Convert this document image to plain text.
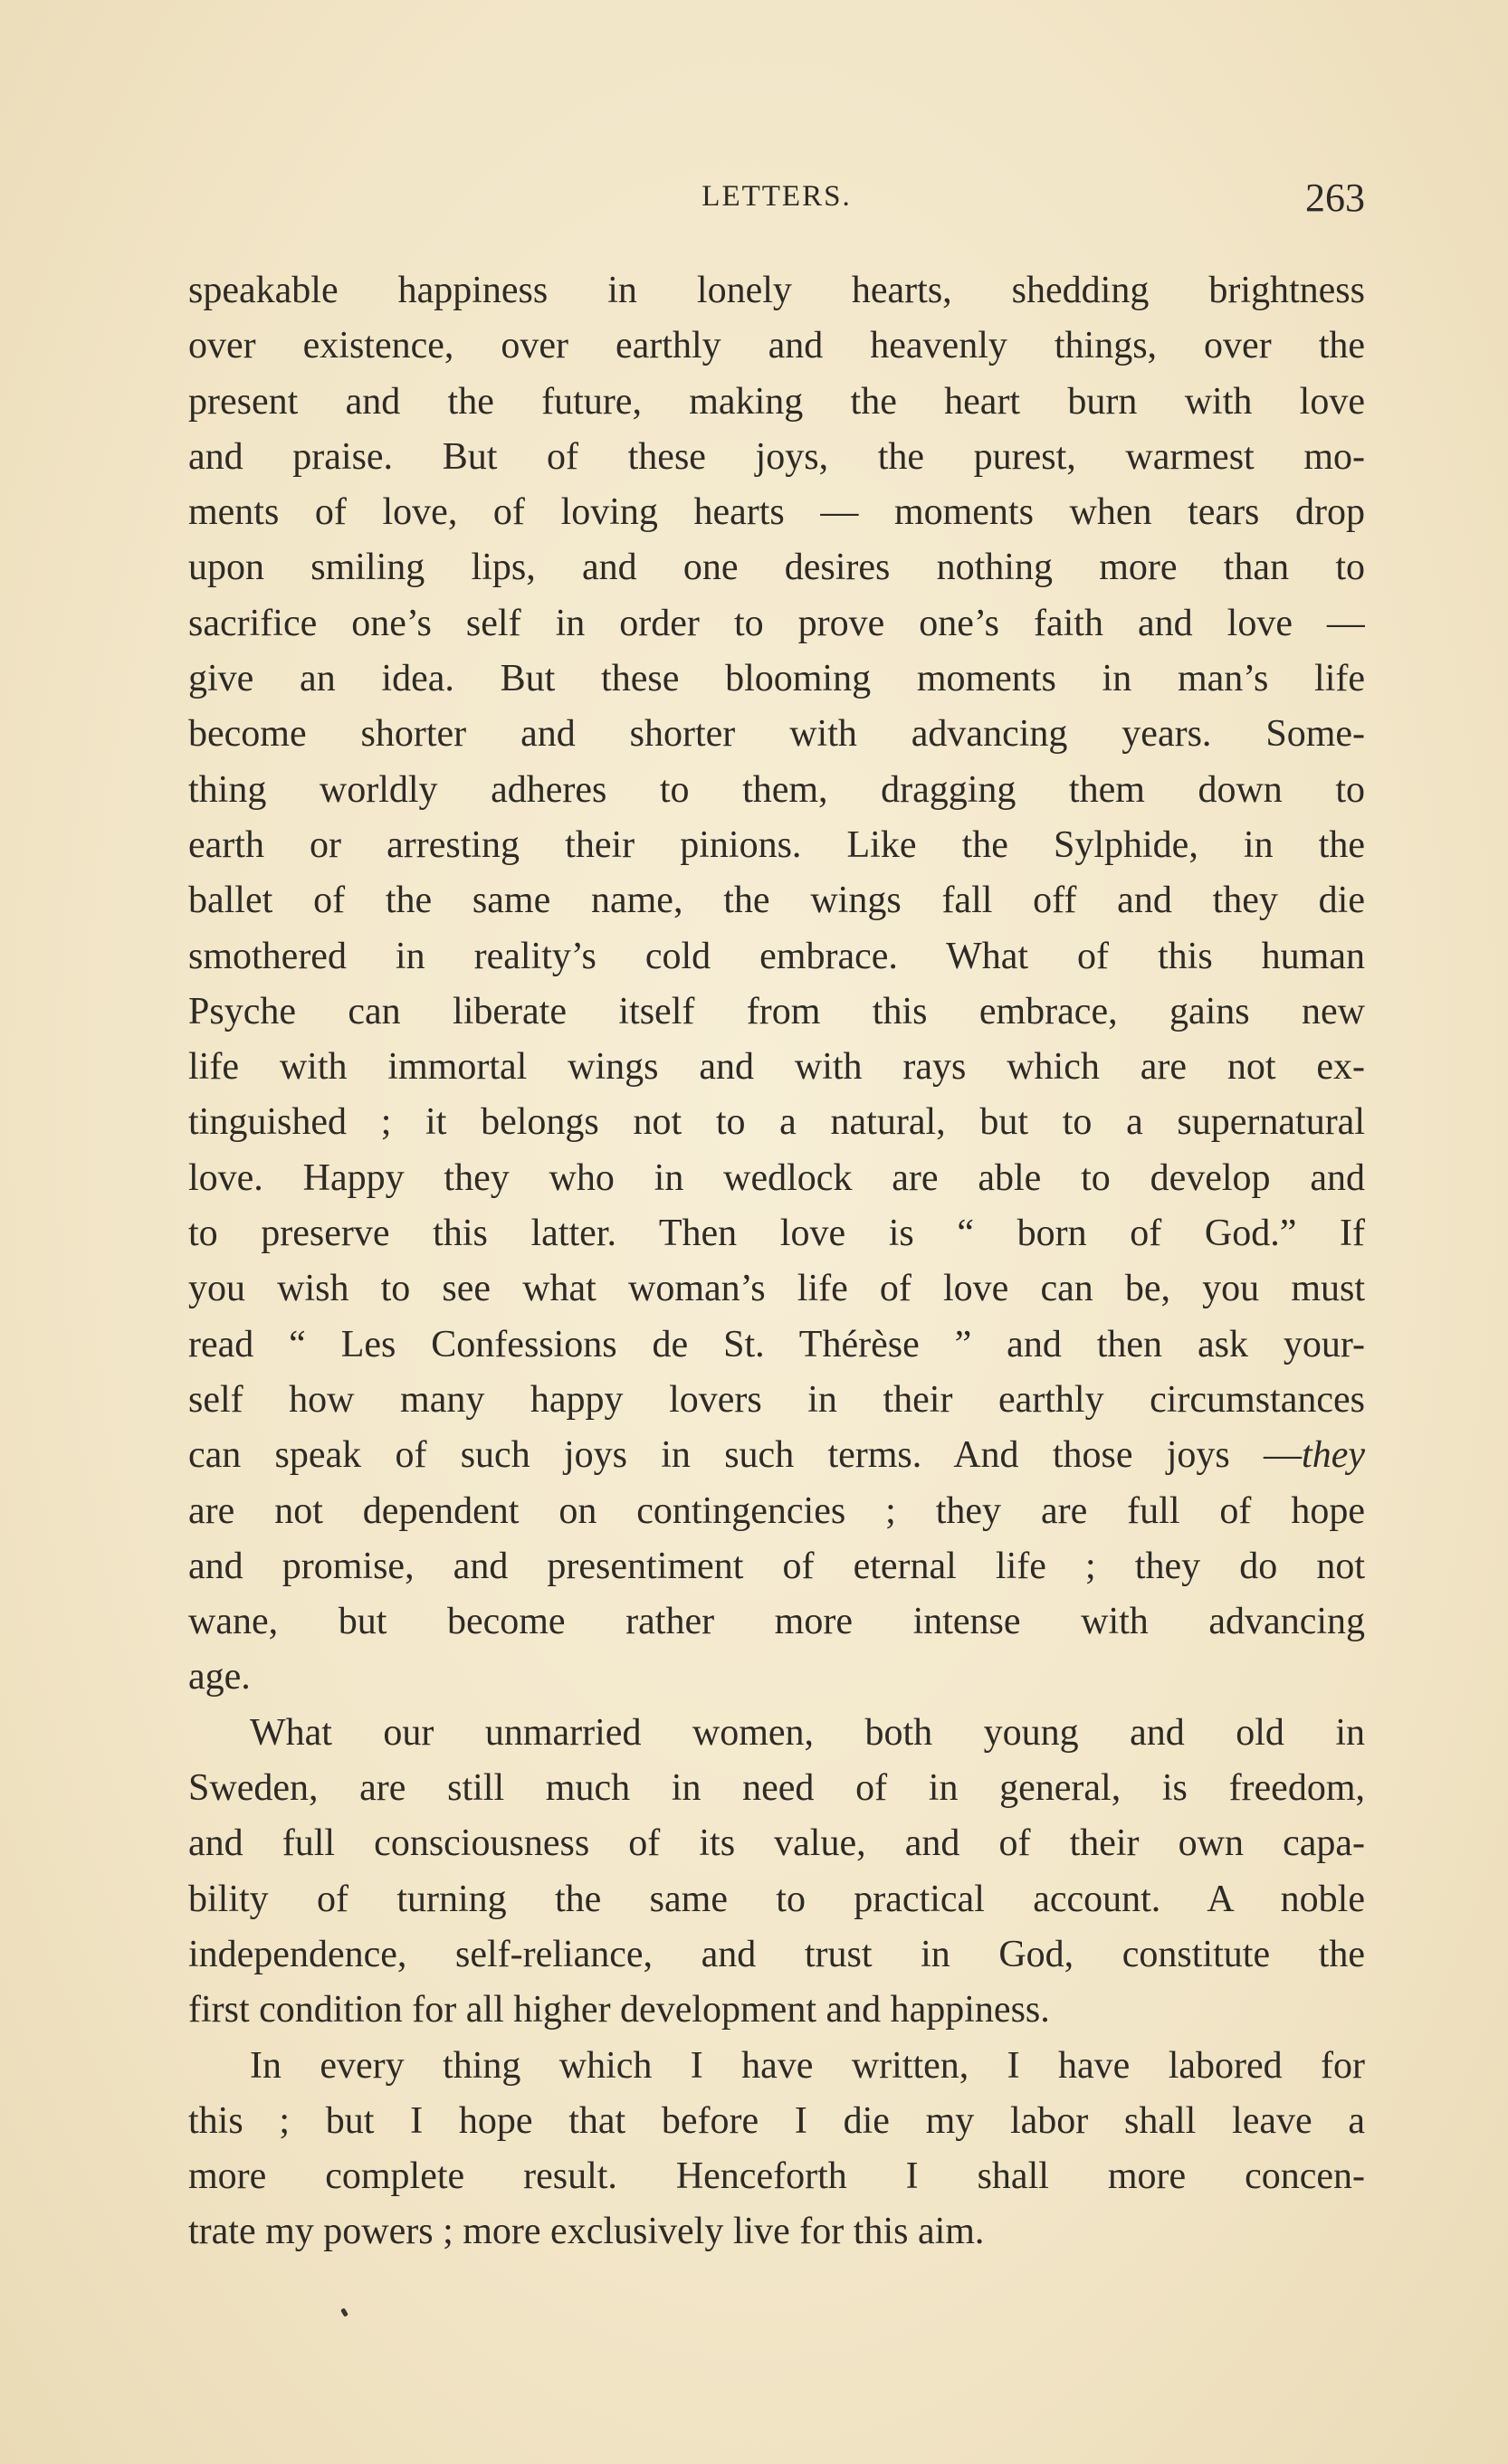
LETTERS.	263
speakable happiness in lonely hearts, shedding brightness
over existence, over earthly and heavenly things, over the
present and the future, making the heart burn with love
and praise. But of these joys, the purest, warmest mo-
ments of love, of loving hearts — moments when tears drop
upon smiling lips, and one desires nothing more than to
sacrifice one’s self in order to prove one’s faith and love —
give an idea. But these blooming moments in man’s life
become shorter and shorter with advancing years. Some-
thing worldly adheres to them, dragging them down to
earth or arresting their pinions. Like the Sylphide, in the
ballet of the same name, the wings fall off and they die
smothered in reality’s cold embrace. What of this human
Psyche can liberate itself from this embrace, gains new
life with immortal wings and with rays which are not ex-
tinguished ; it belongs not to a natural, but to a supernatural
love. Happy they who in wedlock are able to develop and
to preserve this latter. Then love is “ born of God.” If
you wish to see what woman’s life of love can be, you must
read “ Les Confessions de St. Thérèse ” and then ask your-
self how many happy lovers in their earthly circumstances
can speak of such joys in such terms. And those joys —they
are not dependent on contingencies ; they are full of hope
and promise, and presentiment of eternal life ; they do not
wane, but become rather more intense with advancing
age.
What our unmarried women, both young and old in
Sweden, are still much in need of in general, is freedom,
and full consciousness of its value, and of their own capa-
bility of turning the same to practical account. A noble
independence, self-reliance, and trust in God, constitute the
first condition for all higher development and happiness.
In every thing which I have written, I have labored for
this ; but I hope that before I die my labor shall leave a
more complete result. Henceforth I shall more concen-
trate my powers ; more exclusively live for this aim.
